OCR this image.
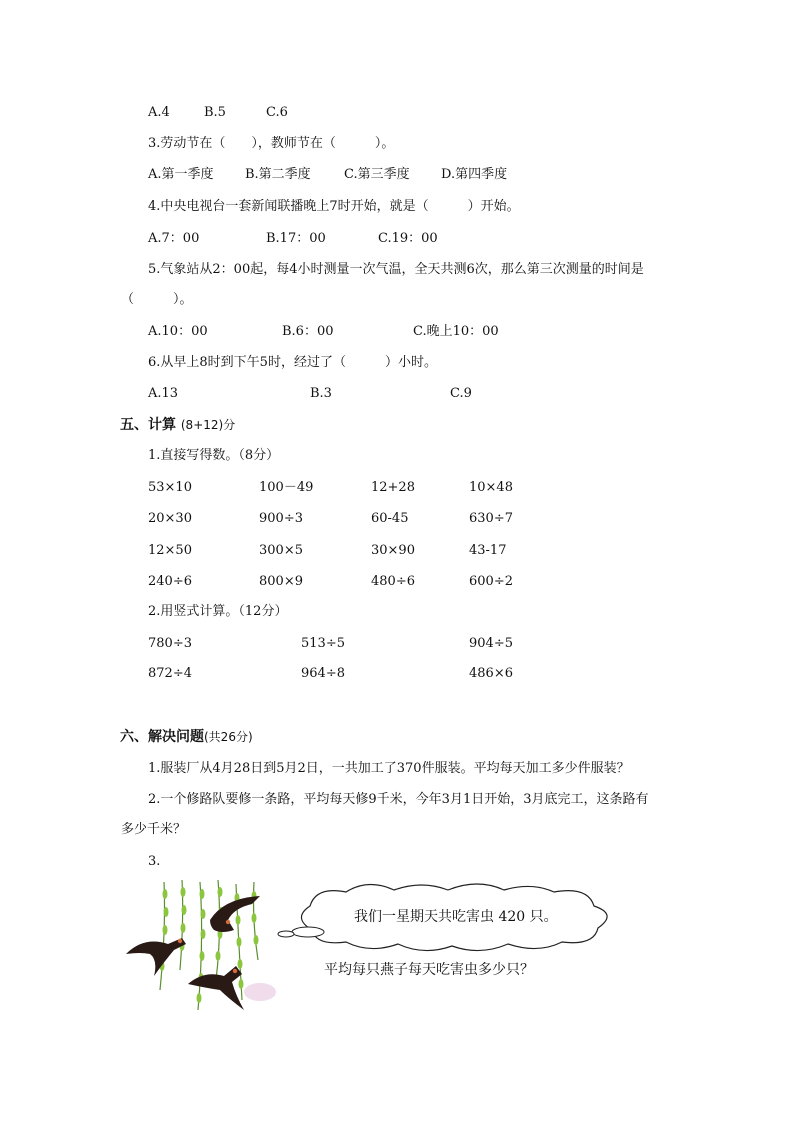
A.4	B.5	C.6
3.劳动节在（　　），教师节在（　　　）。
A.第一季度 B.第二季度	C.第三季度 D.第四季度
4.中央电视台一套新闻联播晚上7时开始，就是（　　　）开始。
A.7：00	B.17：00	C.19：00
5.气象站从2：00起，每4小时测量一次气温，全天共测6次，那么第三次测量的时间是
（　　　）。
A.10：00	B.6：00	C.晚上10：00
6.从早上8时到下午5时，经过了（　　　）小时。
A.13	B.3	C.9
五、计算 (8+12)分
1.直接写得数。（8分）
53×10	100－49	12+28	10×48
20×30	900÷3	60-45	630÷7
12×50	300×5	30×90	43-17
240÷6	800×9	480÷6	600÷2
2.用竖式计算。（12分）
780÷3	513÷5	904÷5
872÷4	964÷8	486×6
六、解决问题(共26分)
1.服装厂从4月28日到5月2日，一共加工了370件服装。平均每天加工多少件服装？
2.一个修路队要修一条路，平均每天修9千米，今年3月1日开始，3月底完工，这条路有
多少千米？
3.
我们一星期天共吃害虫 420 只。
平均每只燕子每天吃害虫多少只？
